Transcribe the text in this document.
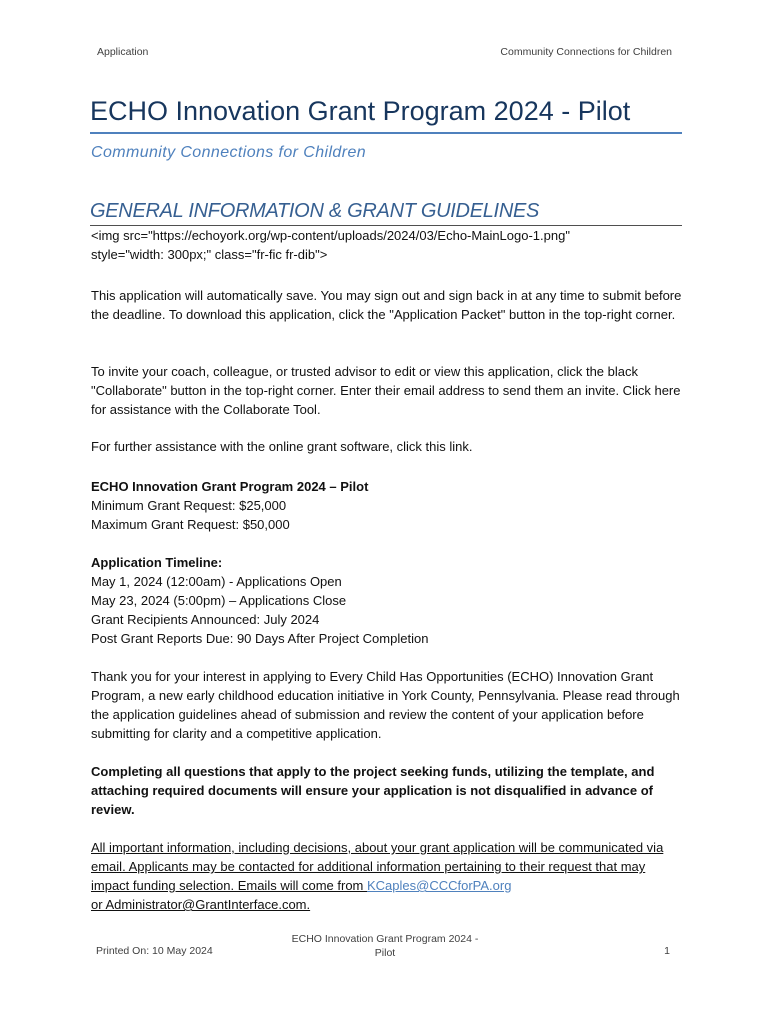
Application	Community Connections for Children
ECHO Innovation Grant Program 2024 - Pilot
Community Connections for Children
GENERAL INFORMATION & GRANT GUIDELINES

<img src="https://echoyork.org/wp-content/uploads/2024/03/Echo-MainLogo-1.png"

style="width: 300px;" class="fr-fic fr-dib">

This application will automatically save. You may sign out and sign back in at any time to submit before the deadline. To download this application, click the "Application Packet" button in the top-right corner.

To invite your coach, colleague, or trusted advisor to edit or view this application, click the black "Collaborate" button in the top-right corner. Enter their email address to send them an invite. Click here for assistance with the Collaborate Tool.

For further assistance with the online grant software, click this link.

ECHO Innovation Grant Program 2024 – Pilot

Minimum Grant Request: $25,000

Maximum Grant Request: $50,000

Application Timeline:

May 1, 2024 (12:00am) - Applications Open

May 23, 2024 (5:00pm) – Applications Close

Grant Recipients Announced: July 2024

Post Grant Reports Due: 90 Days After Project Completion

Thank you for your interest in applying to Every Child Has Opportunities (ECHO) Innovation Grant Program, a new early childhood education initiative in York County, Pennsylvania. Please read through the application guidelines ahead of submission and review the content of your application before submitting for clarity and a competitive application.

Completing all questions that apply to the project seeking funds, utilizing the template, and attaching required documents will ensure your application is not disqualified in advance of review.

All important information, including decisions, about your grant application will be communicated via email. Applicants may be contacted for additional information pertaining to their request that may impact funding selection. Emails will come from KCaples@CCCforPA.org
or Administrator@GrantInterface.com.

Printed On: 10 May 2024
ECHO Innovation Grant Program 2024 -
Pilot	1
